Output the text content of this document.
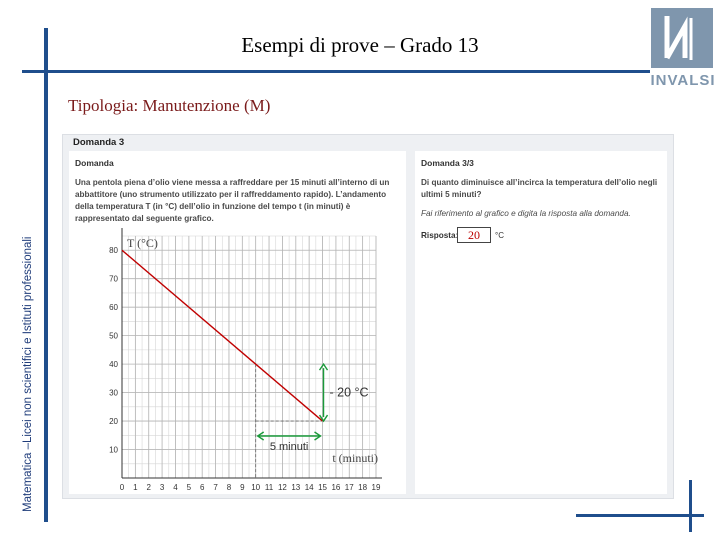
Esempi di prove – Grado 13
Tipologia: Manutenzione (M)
Matematica –Licei non scientifici e Istituti professionali
INVALSI
Domanda 3
Domanda
Una pentola piena d’olio viene messa a raffreddare per 15 minuti all’interno di un abbattitore (uno strumento utilizzato per il raffreddamento rapido). L’andamento della temperatura T (in °C) dell’olio in funzione del tempo t (in minuti) è rappresentato dal seguente grafico.
Domanda 3/3
Di quanto diminuisce all’incirca la temperatura dell’olio negli ultimi 5 minuti?
Fai riferimento al grafico e digita la risposta alla domanda.
Risposta: 20	°C
0 1 2 3 4 5 6 7 8 9 10 11 12 13 14 15 16 17 18 19
10
20
30
40
50
60
70
80
T (°C)
t (minuti)
- 20 °C
5 minuti
